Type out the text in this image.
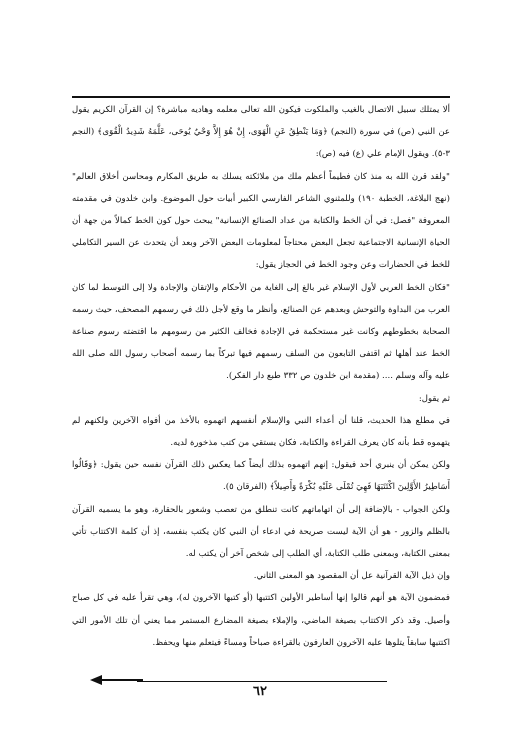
ألا يمتلك سبيل الاتصال بالغيب والملكوت فيكون الله تعالى معلمه وهاديه مباشرة؟ إن القرآن الكريم يقول عن النبي (ص) في سورة (النجم) ﴿وَمَا يَنْطِقُ عَنِ الْهَوَى، إِنْ هُوَ إِلاَّ وَحْيٌ يُوحَى، عَلَّمَهُ شَدِيدُ الْقُوَى﴾ (النجم ٣-٥). ويقول الإمام علي (ع) فيه (ص):

"ولقد قرن الله به منذ كان فطيماً أعظم ملك من ملائكته يسلك به طريق المكارم ومحاسن أخلاق العالم" (نهج البلاغة، الخطبة ١٩٠) وللمثنوي الشاعر الفارسي الكبير أبيات حول الموضوع. وابن خلدون في مقدمته المعروفة "فصل: في أن الخط والكتابة من عداد الصنائع الإنسانية" يبحث حول كون الخط كمالاً من جهة أن الحياة الإنسانية الاجتماعية تجعل البعض محتاجاً لمعلومات البعض الآخر وبعد أن يتحدث عن السير التكاملي للخط في الحضارات وعن وجود الخط في الحجاز يقول:

"فكان الخط العربي لأول الإسلام غير بالغ إلى الغاية من الأحكام والإتقان والإجادة ولا إلى التوسط لما كان العرب من البداوة والتوحش وبعدهم عن الصنائع، وأنظر ما وقع لأجل ذلك في رسمهم المصحف، حيث رسمه الصحابة بخطوطهم وكانت غير مستحكمة في الإجادة فخالف الكثير من رسومهم ما اقتضته رسوم صناعة الخط عند أهلها ثم اقتفى التابعون من السلف رسمهم فيها تبركاً بما رسمه أصحاب رسول الله صلى الله عليه وآله وسلم .... (مقدمة ابن خلدون ص ٣٣٢ طبع دار الفكر).

ثم يقول:

في مطلع هذا الحديث، قلنا أن أعداء النبي والإسلام أنفسهم اتهموه بالأخذ من أفواه الآخرين ولكنهم لم يتهموه قط بأنه كان يعرف القراءة والكتابة، فكان يستقي من كتب مذخورة لديه.

ولكن يمكن أن ينبري أحد فيقول: إنهم اتهموه بذلك أيضاً كما يعكس ذلك القرآن نفسه حين يقول: ﴿وَقَالُوا أَسَاطِيرُ الأَوَّلِينَ اكْتَتَبَهَا فَهِيَ تُمْلَى عَلَيْهِ بُكْرَةً وَأَصِيلاً﴾ (الفرقان ٥).

ولكن الجواب - بالإضافة إلى أن اتهاماتهم كانت تنطلق من تعصب وشعور بالحقارة، وهو ما يسميه القرآن بالظلم والزور - هو أن الآية ليست صريحة في ادعاء أن النبي كان يكتب بنفسه، إذ أن كلمة الاكتتاب تأتي بمعنى الكتابة، وبمعنى طلب الكتابة، أي الطلب إلى شخص آخر أن يكتب له.

وإن ذيل الآية القرآنية عل أن المقصود هو المعنى الثاني.

فمضمون الآية هو أنهم قالوا إنها أساطير الأولين اكتتبها (أو كتبها الآخرون له)، وهي تقرأ عليه في كل صباح وأصيل. وقد ذكر الاكتتاب بصيغة الماضي، والإملاء بصيغة المضارع المستمر مما يعني أن تلك الأمور التي اكتتبها سابقاً يتلوها عليه الآخرون العارفون بالقراءة صباحاً ومساءً فيتعلم منها ويحفظ.

٦٢
